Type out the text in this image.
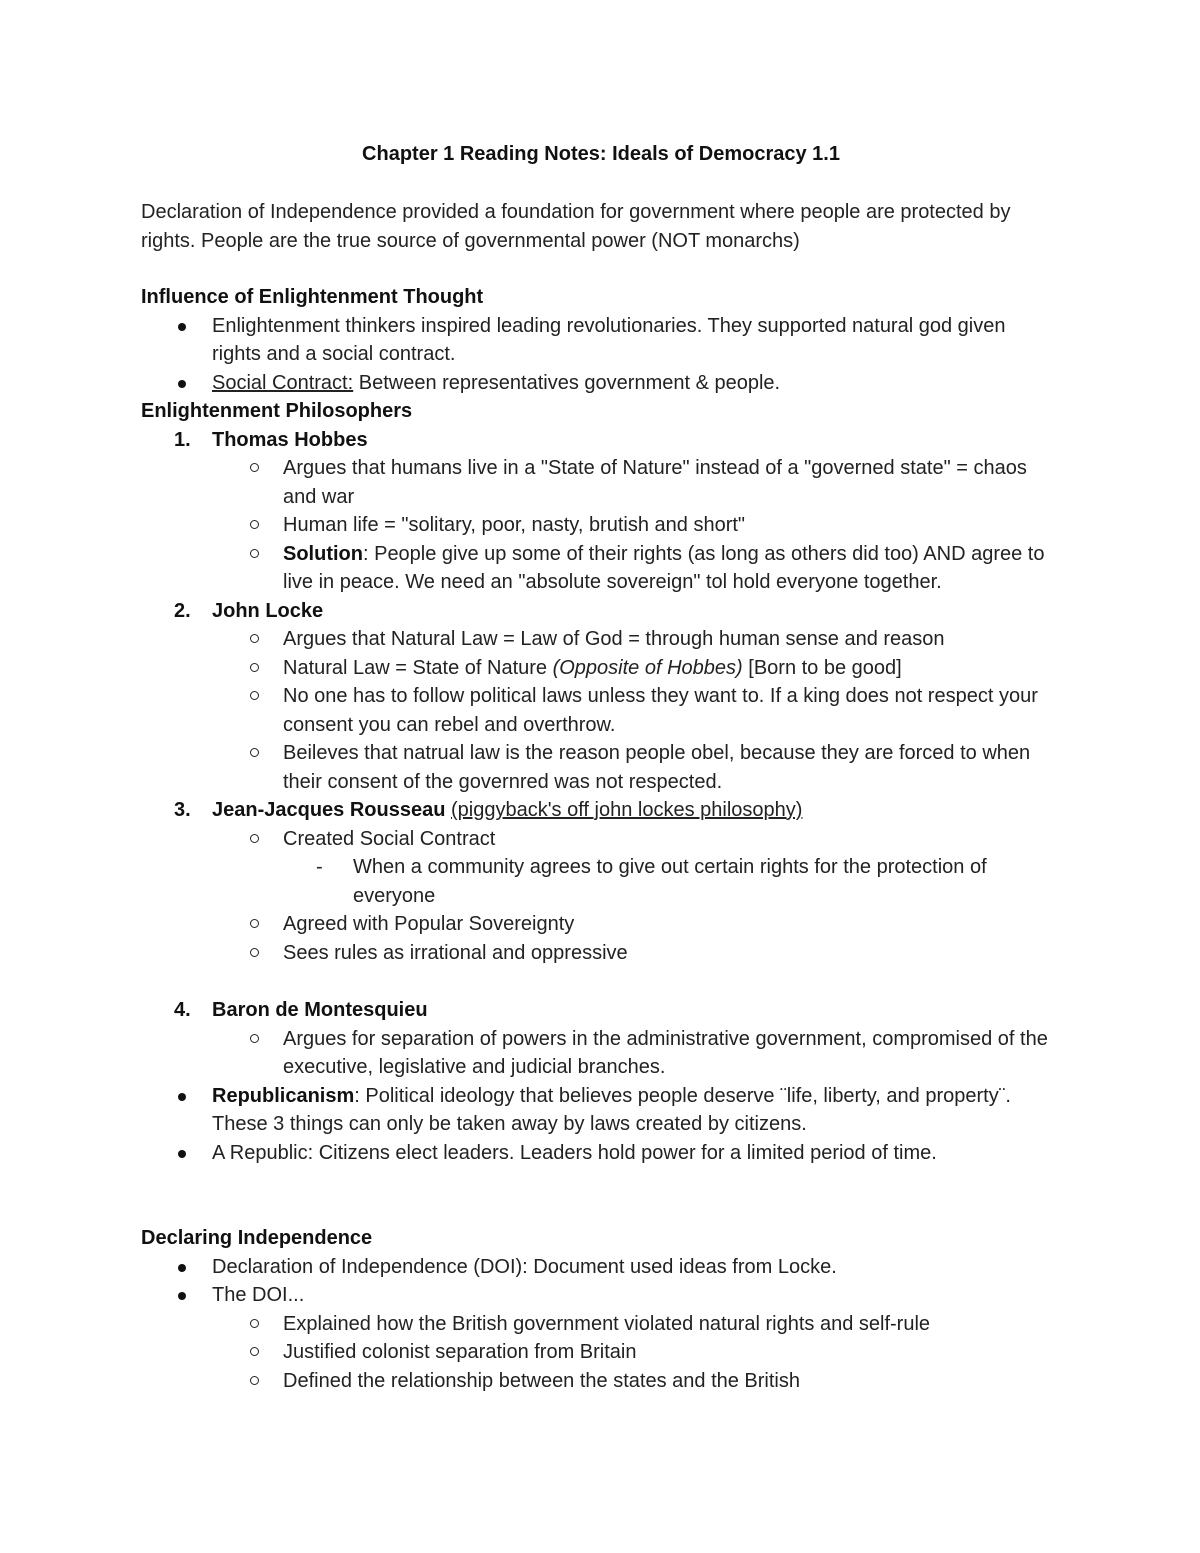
Chapter 1 Reading Notes: Ideals of Democracy 1.1

Declaration of Independence provided a foundation for government where people are protected by rights. People are the true source of governmental power (NOT monarchs)

Influence of Enlightenment Thought

Enlightenment thinkers inspired leading revolutionaries. They supported natural god given rights and a social contract.
Social Contract: Between representatives government & people.

Enlightenment Philosophers

1. Thomas Hobbes
Argues that humans live in a "State of Nature" instead of a "governed state" = chaos and war
Human life = "solitary, poor, nasty, brutish and short"
Solution: People give up some of their rights (as long as others did too) AND agree to live in peace. We need an "absolute sovereign" tol hold everyone together.
2. John Locke
Argues that Natural Law = Law of God = through human sense and reason
Natural Law = State of Nature (Opposite of Hobbes) [Born to be good]
No one has to follow political laws unless they want to. If a king does not respect your consent you can rebel and overthrow.
Beileves that natrual law is the reason people obel, because they are forced to when their consent of the governred was not respected.
3. Jean-Jacques Rousseau (piggyback's off john lockes philosophy)
Created Social Contract
- When a community agrees to give out certain rights for the protection of everyone
Agreed with Popular Sovereignty
Sees rules as irrational and oppressive
4. Baron de Montesquieu
Argues for separation of powers in the administrative government, compromised of the executive, legislative and judicial branches.
Republicanism: Political ideology that believes people deserve ¨life, liberty, and property¨. These 3 things can only be taken away by laws created by citizens.
A Republic: Citizens elect leaders. Leaders hold power for a limited period of time.

Declaring Independence

Declaration of Independence (DOI): Document used ideas from Locke.
The DOI...
Explained how the British government violated natural rights and self-rule
Justified colonist separation from Britain
Defined the relationship between the states and the British
